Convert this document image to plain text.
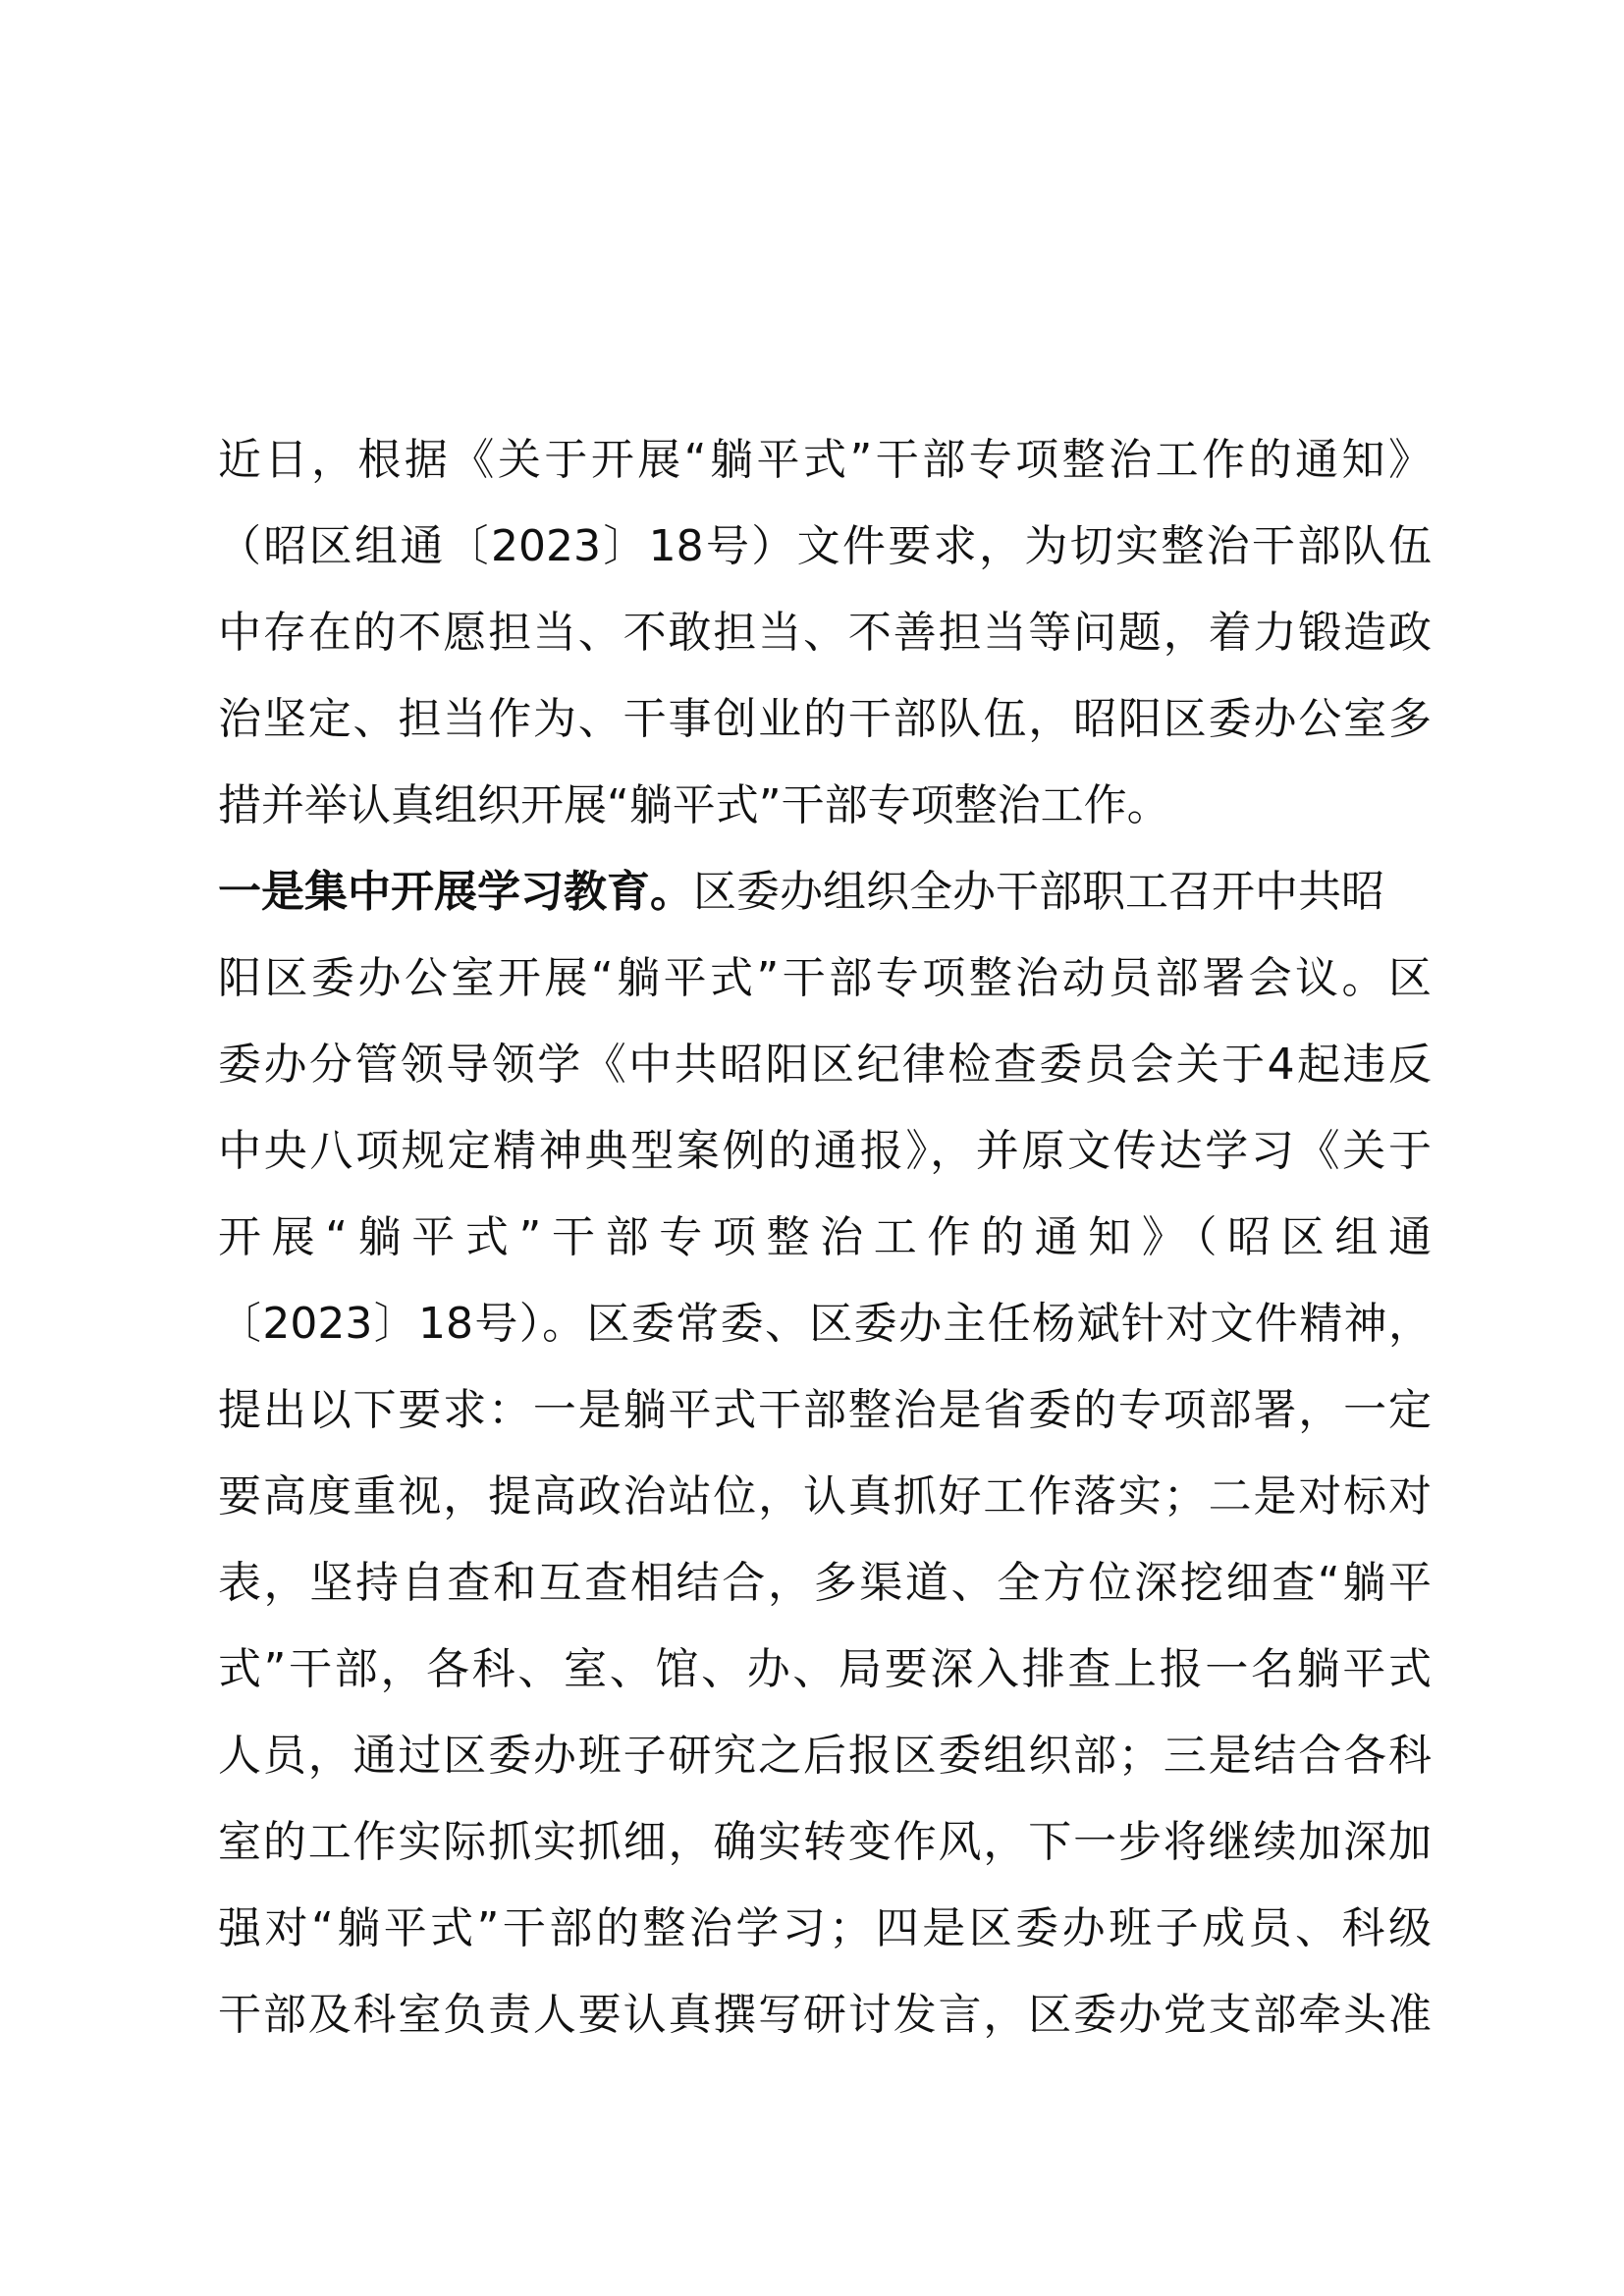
近日，根据《关于开展“躺平式”干部专项整治工作的通知》
（昭区组通〔2023〕18号）文件要求，为切实整治干部队伍
中存在的不愿担当、不敢担当、不善担当等问题，着力锻造政
治坚定、担当作为、干事创业的干部队伍，昭阳区委办公室多
措并举认真组织开展“躺平式”干部专项整治工作。
一是集中开展学习教育。区委办组织全办干部职工召开中共昭
阳区委办公室开展“躺平式”干部专项整治动员部署会议。区
委办分管领导领学《中共昭阳区纪律检查委员会关于4起违反
中央八项规定精神典型案例的通报》，并原文传达学习《关于
开展“躺平式”干部专项整治工作的通知》（昭区组通
〔2023〕18号）。区委常委、区委办主任杨斌针对文件精神，
提出以下要求：一是躺平式干部整治是省委的专项部署，一定
要高度重视，提高政治站位，认真抓好工作落实；二是对标对
表，坚持自查和互查相结合，多渠道、全方位深挖细查“躺平
式”干部，各科、室、馆、办、局要深入排查上报一名躺平式
人员，通过区委办班子研究之后报区委组织部；三是结合各科
室的工作实际抓实抓细，确实转变作风，下一步将继续加深加
强对“躺平式”干部的整治学习；四是区委办班子成员、科级
干部及科室负责人要认真撰写研讨发言，区委办党支部牵头准
